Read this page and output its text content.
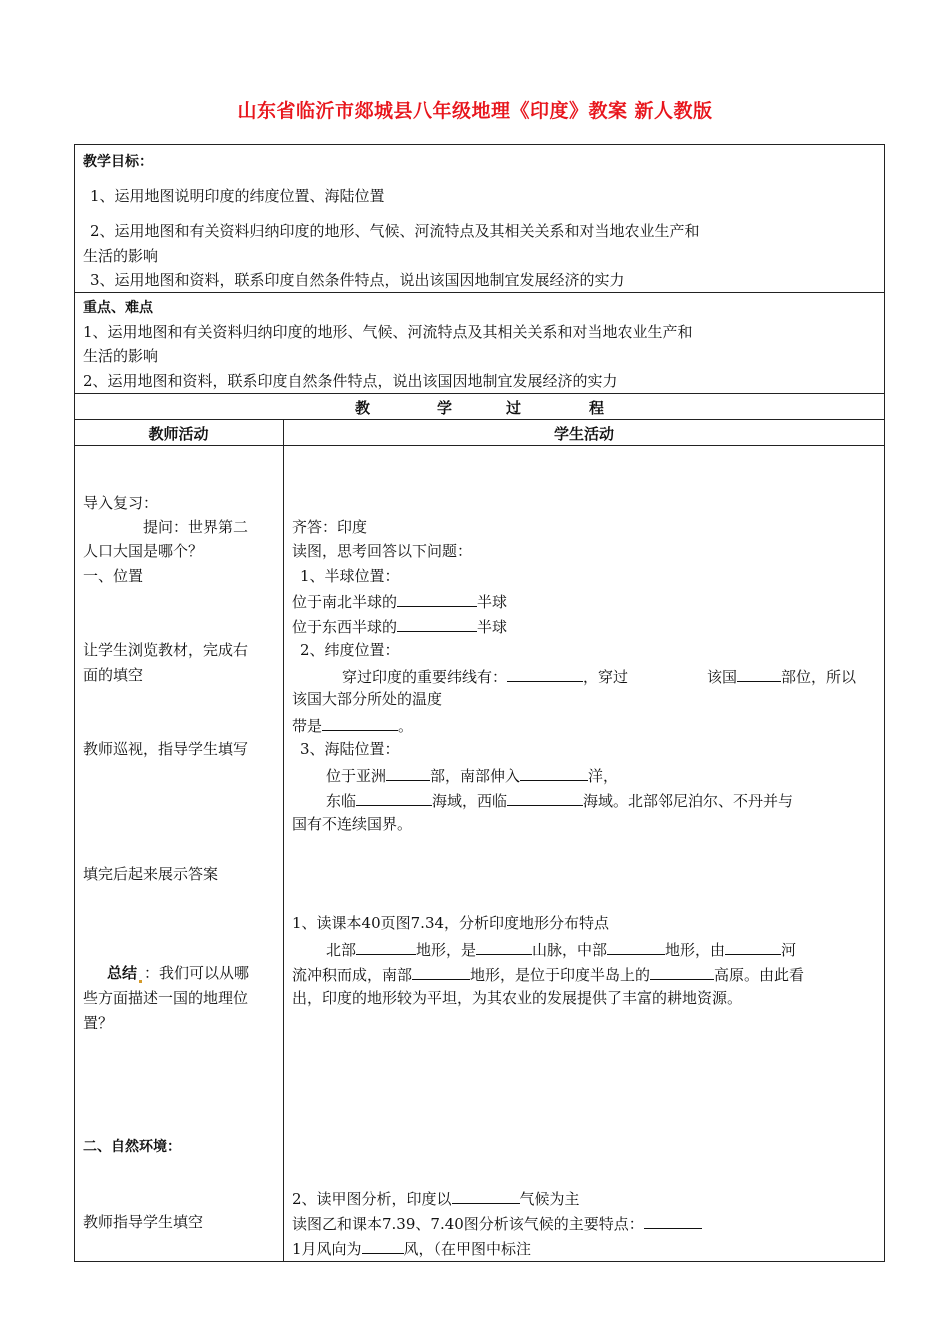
山东省临沂市郯城县八年级地理《印度》教案 新人教版
教学目标：
1、运用地图说明印度的纬度位置、海陆位置
2、运用地图和有关资料归纳印度的地形、气候、河流特点及其相关关系和对当地农业生产和
生活的影响
3、运用地图和资料，联系印度自然条件特点，说出该国因地制宜发展经济的实力
重点、难点
1、运用地图和有关资料归纳印度的地形、气候、河流特点及其相关关系和对当地农业生产和
生活的影响
2、运用地图和资料，联系印度自然条件特点，说出该国因地制宜发展经济的实力
教	学	过	程
教师活动	学生活动
导入复习：
提问：世界第二
人口大国是哪个？
一、位置
让学生浏览教材，完成右
面的填空
教师巡视，指导学生填写
填完后起来展示答案
总结 ：我们可以从哪
些方面描述一国的地理位
置？
二、自然环境：
教师指导学生填空
齐答：印度
读图，思考回答以下问题：
1、半球位置：
位于南北半球的	半球
位于东西半球的	半球
2、纬度位置：
穿过印度的重要纬线有：	，穿过	该国	部位，所以
该国大部分所处的温度
带是	。
3、海陆位置：
位于亚洲	部，南部伸入	洋，
东临	海域，西临	海域。北部邻尼泊尔、不丹并与
国有不连续国界。
1、读课本40页图7.34，分析印度地形分布特点
北部	地形，是	山脉，中部	地形，由	河
流冲积而成，南部	地形，是位于印度半岛上的	高原。由此看
出，印度的地形较为平坦，为其农业的发展提供了丰富的耕地资源。
2、读甲图分析，印度以	气候为主
读图乙和课本7.39、7.40图分析该气候的主要特点：
1月风向为	风，（在甲图中标注
